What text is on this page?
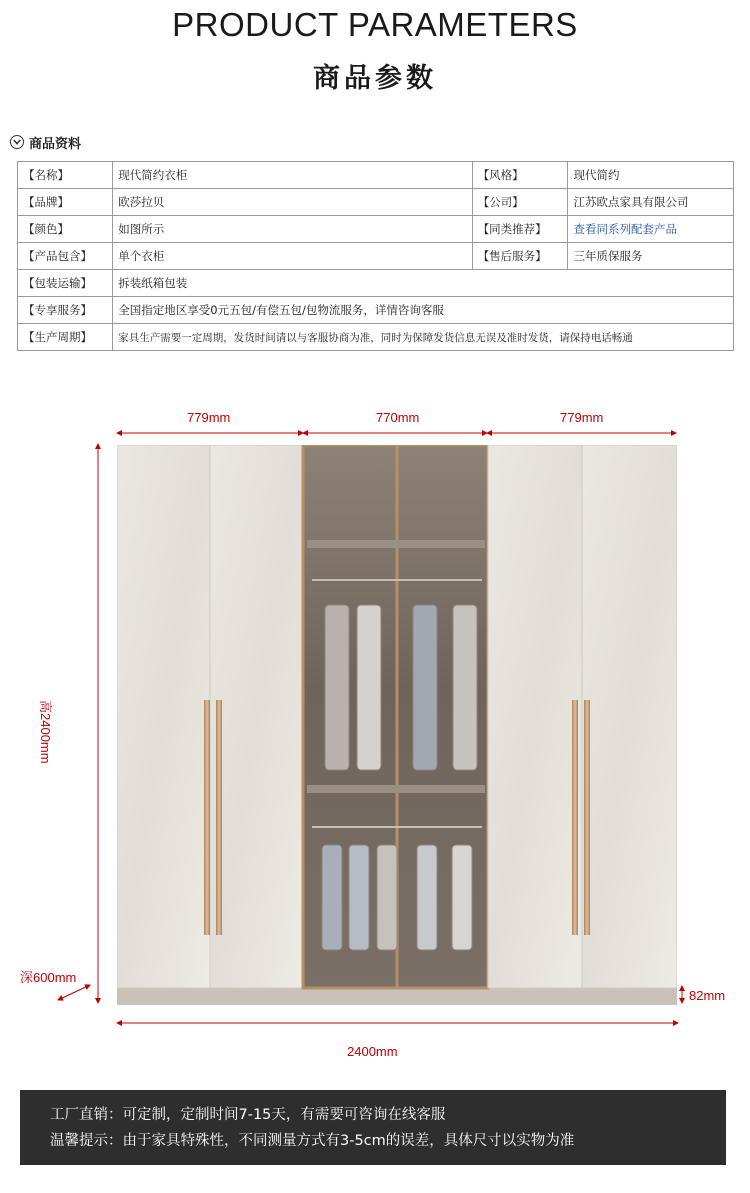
PRODUCT PARAMETERS
商品参数
商品资料
【名称】	现代简约衣柜	【风格】	现代简约
【品牌】	欧莎拉贝	【公司】	江苏欧点家具有限公司
【颜色】	如图所示	【同类推荐】	查看同系列配套产品
【产品包含】	单个衣柜	【售后服务】	三年质保服务
【包装运输】	拆装纸箱包装		
【专享服务】	全国指定地区享受0元五包/有偿五包/包物流服务，详情咨询客服		
【生产周期】	家具生产需要一定周期，发货时间请以与客服协商为准，同时为保障发货信息无误及准时发货，请保持电话畅通		
779mm	770mm	779mm
高2400mm
深600mm
82mm
2400mm
工厂直销：可定制，定制时间7-15天，有需要可咨询在线客服
温馨提示：由于家具特殊性，不同测量方式有3-5cm的误差，具体尺寸以实物为准
